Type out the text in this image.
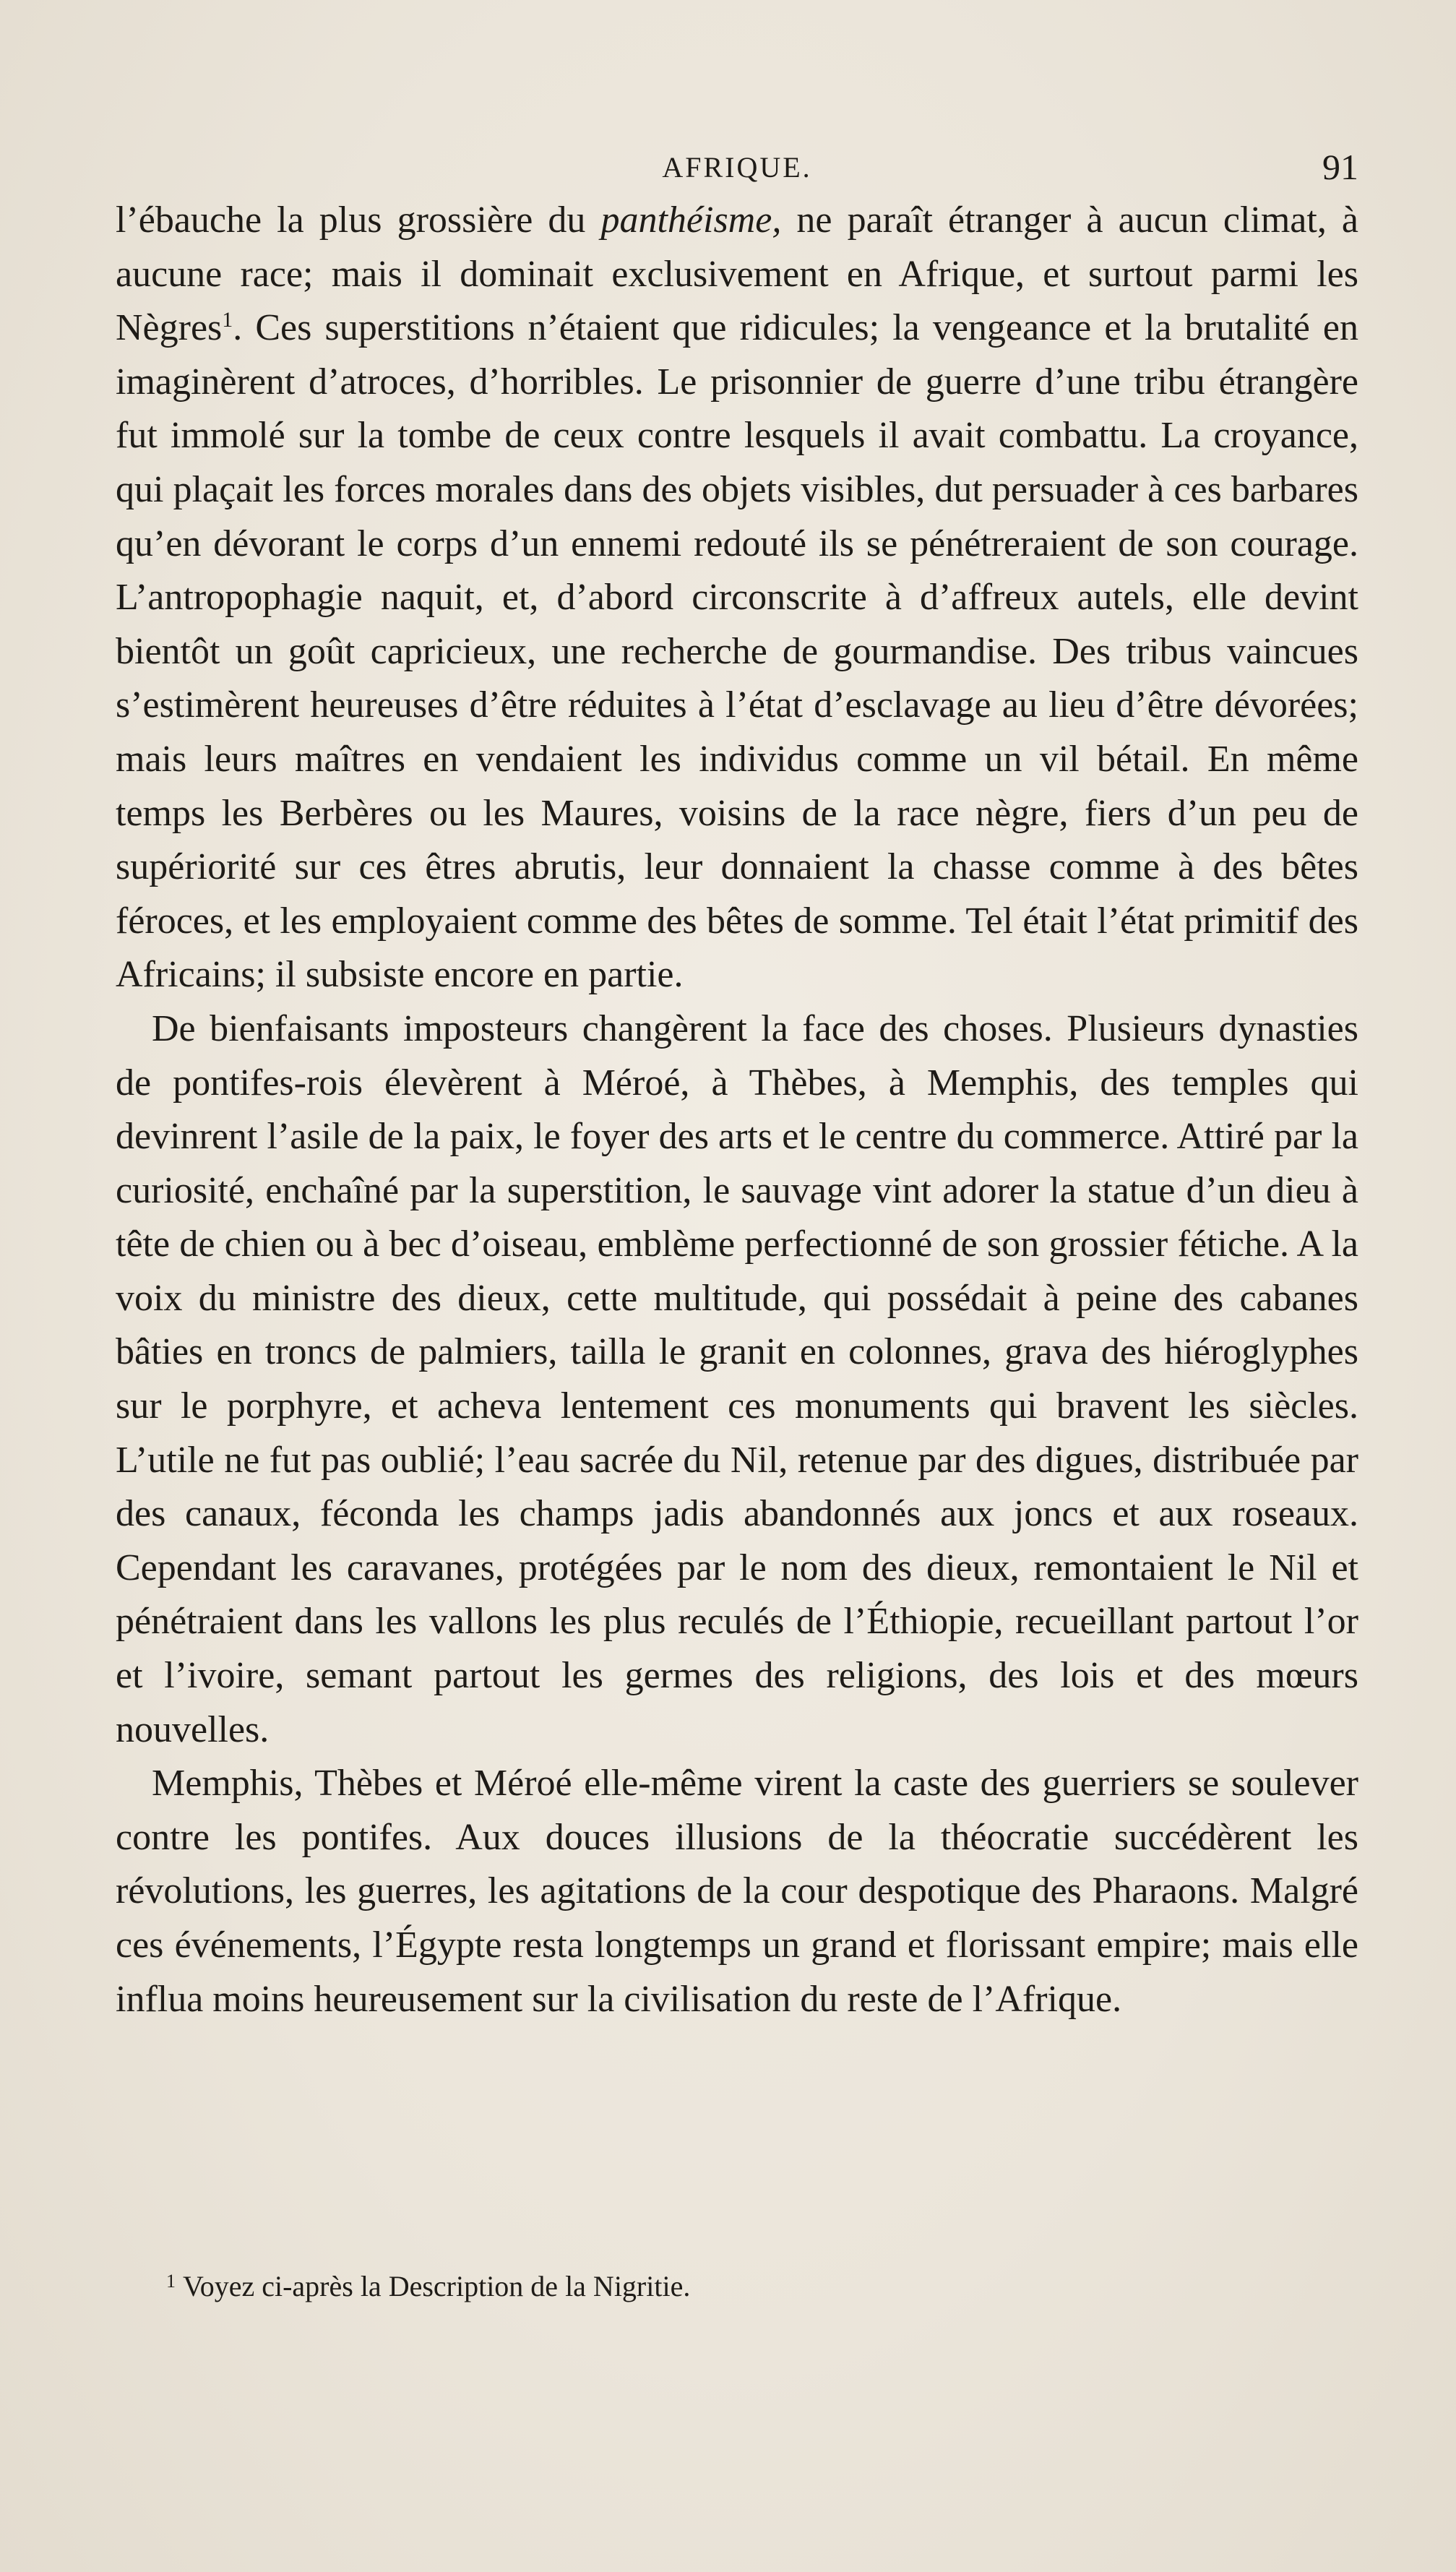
AFRIQUE.	91

l’ébauche la plus grossière du panthéisme, ne paraît étranger à aucun climat, à aucune race; mais il dominait exclusivement en Afrique, et surtout parmi les Nègres$^1$. Ces superstitions n’étaient que ridicules; la vengeance et la brutalité en imaginèrent d’atroces, d’horribles. Le prisonnier de guerre d’une tribu étrangère fut immolé sur la tombe de ceux contre lesquels il avait combattu. La croyance, qui plaçait les forces morales dans des objets visibles, dut persuader à ces barbares qu’en dévorant le corps d’un ennemi redouté ils se pénétreraient de son courage. L’antropophagie naquit, et, d’abord circonscrite à d’affreux autels, elle devint bientôt un goût capricieux, une recherche de gourmandise. Des tribus vaincues s’estimèrent heureuses d’être réduites à l’état d’esclavage au lieu d’être dévorées; mais leurs maîtres en vendaient les individus comme un vil bétail. En même temps les Berbères ou les Maures, voisins de la race nègre, fiers d’un peu de supériorité sur ces êtres abrutis, leur donnaient la chasse comme à des bêtes féroces, et les employaient comme des bêtes de somme. Tel était l’état primitif des Africains; il subsiste encore en partie.

De bienfaisants imposteurs changèrent la face des choses. Plusieurs dynasties de pontifes-rois élevèrent à Méroé, à Thèbes, à Memphis, des temples qui devinrent l’asile de la paix, le foyer des arts et le centre du commerce. Attiré par la curiosité, enchaîné par la superstition, le sauvage vint adorer la statue d’un dieu à tête de chien ou à bec d’oiseau, emblème perfectionné de son grossier fétiche. A la voix du ministre des dieux, cette multitude, qui possédait à peine des cabanes bâties en troncs de palmiers, tailla le granit en colonnes, grava des hiéroglyphes sur le porphyre, et acheva lentement ces monuments qui bravent les siècles. L’utile ne fut pas oublié; l’eau sacrée du Nil, retenue par des digues, distribuée par des canaux, féconda les champs jadis abandonnés aux joncs et aux roseaux. Cependant les caravanes, protégées par le nom des dieux, remontaient le Nil et pénétraient dans les vallons les plus reculés de l’Éthiopie, recueillant partout l’or et l’ivoire, semant partout les germes des religions, des lois et des mœurs nouvelles.

Memphis, Thèbes et Méroé elle-même virent la caste des guerriers se soulever contre les pontifes. Aux douces illusions de la théocratie succédèrent les révolutions, les guerres, les agitations de la cour despotique des Pharaons. Malgré ces événements, l’Égypte resta longtemps un grand et florissant empire; mais elle influa moins heureusement sur la civilisation du reste de l’Afrique.

$^1$ Voyez ci-après la Description de la Nigritie.
